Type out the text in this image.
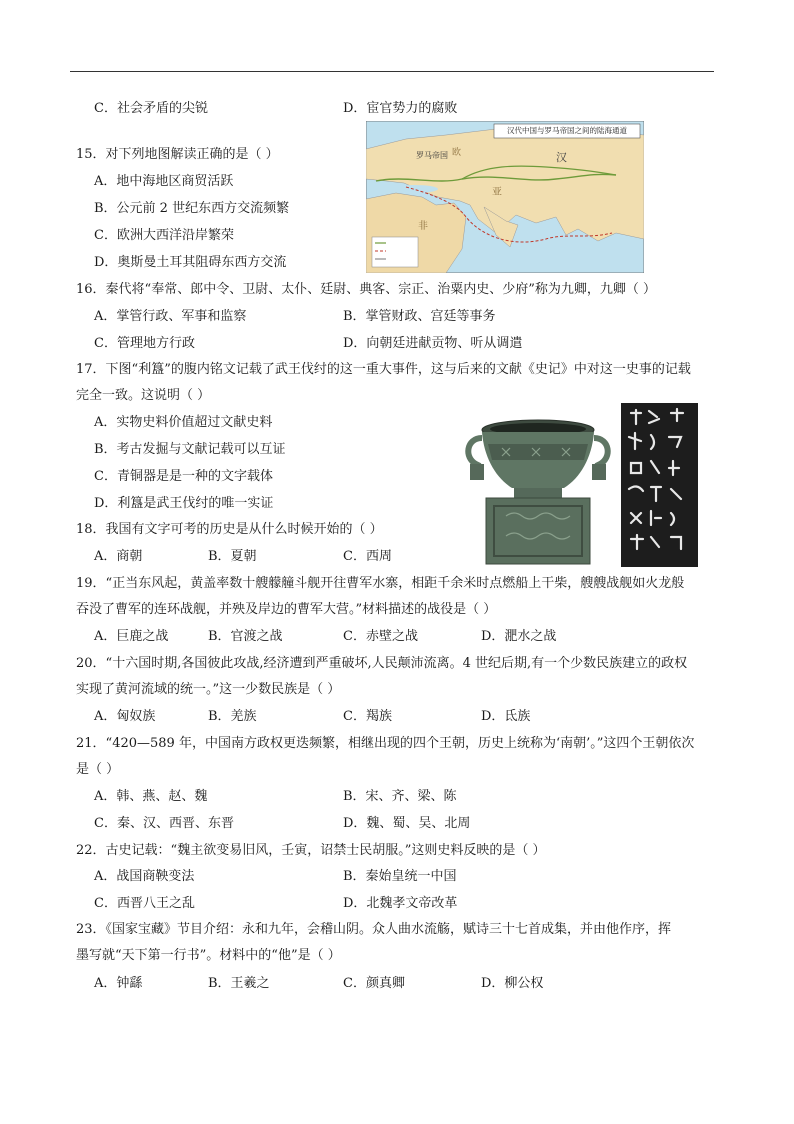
C．社会矛盾的尖锐	D．宦官势力的腐败
15．对下列地图解读正确的是（ ）
A．地中海地区商贸活跃
B．公元前 2 世纪东西方交流频繁
C．欧洲大西洋沿岸繁荣
D．奥斯曼土耳其阻碍东西方交流
罗马帝国	汉
欧
亚
非
汉代中国与罗马帝国之间的陆海通道
16．秦代将“奉常、郎中令、卫尉、太仆、廷尉、典客、宗正、治粟内史、少府”称为九卿，九卿（ ）
A．掌管行政、军事和监察	B．掌管财政、宫廷等事务
C．管理地方行政	D．向朝廷进献贡物、听从调遣
17．下图“利簋”的腹内铭文记载了武王伐纣的这一重大事件，这与后来的文献《史记》中对这一史事的记载
完全一致。这说明（ ）
A．实物史料价值超过文献史料
B．考古发掘与文献记载可以互证
C．青铜器是是一种的文字载体
D．利簋是武王伐纣的唯一实证
18．我国有文字可考的历史是从什么时候开始的（ ）
A．商朝	B．夏朝	C．西周
19．“正当东风起，黄盖率数十艘艨艟斗舰开往曹军水寨，相距千余米时点燃船上干柴，艘艘战舰如火龙般
吞没了曹军的连环战舰，并殃及岸边的曹军大营。”材料描述的战役是（ ）
A．巨鹿之战	B．官渡之战	C．赤壁之战	D．淝水之战
20．“十六国时期,各国彼此攻战,经济遭到严重破坏,人民颠沛流离。4 世纪后期,有一个少数民族建立的政权
实现了黄河流域的统一。”这一少数民族是（ ）
A．匈奴族	B．羌族	C．羯族	D．氐族
21．“420—589 年，中国南方政权更迭频繁，相继出现的四个王朝，历史上统称为‘南朝’。”这四个王朝依次
是（ ）
A．韩、燕、赵、魏	B．宋、齐、梁、陈
C．秦、汉、西晋、东晋	D．魏、蜀、吴、北周
22．古史记载：“魏主欲变易旧风，壬寅，诏禁士民胡服。”这则史料反映的是（ ）
A．战国商鞅变法	B．秦始皇统一中国
C．西晋八王之乱	D．北魏孝文帝改革
23．《国家宝藏》节目介绍：永和九年，会稽山阴。众人曲水流觞，赋诗三十七首成集，并由他作序，挥
墨写就“天下第一行书”。材料中的“他”是（ ）
A．钟繇	B．王羲之	C．颜真卿	D．柳公权
